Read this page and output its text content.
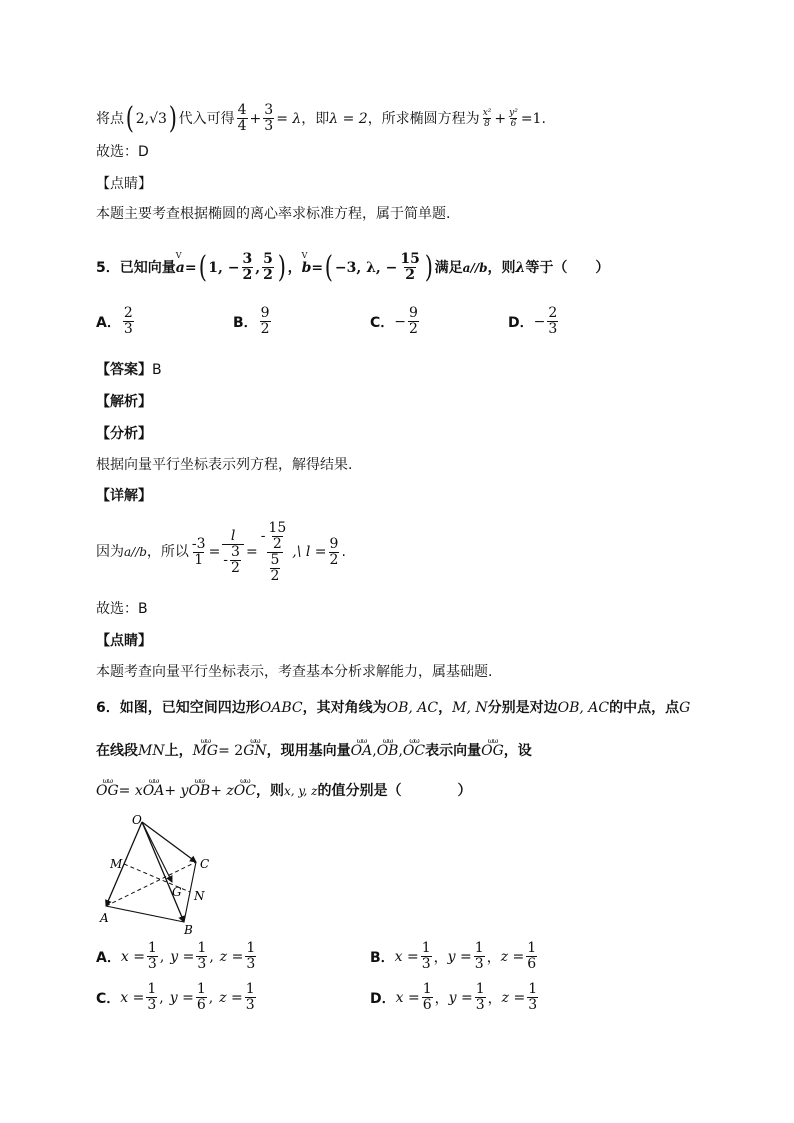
将点 ( 2, √3 ) 代入可得 $\frac{4}{4} + \frac{3}{3} = \lambda$ ，即 λ = 2 ，所求椭圆方程为 $\frac{\text{x²}}{8} + \frac{\text{y²}}{6} =1$.
故选：D
【点睛】
本题主要考查根据椭圆的离心率求标准方程，属于简单题.
5．已知向量 V a = ( 1, − $\frac{3}{2}$ , $\frac{5}{2}$ ) ， V b = ( −3, λ, − $\frac{15}{2}$ ) 满足 a//b ，则 λ 等于（　　）
A． $\frac{2}{3}$	B． $\frac{9}{2}$	C． − $\frac{9}{2}$	D． − $\frac{2}{3}$
【答案】 B
【解析】
【分析】
根据向量平行坐标表示列方程，解得结果.
【详解】
因为 a//b ，所以 $\frac{-3}{1} = \frac{l}{- \frac{3}{2}} = \frac{- \frac{15}{2}}{\frac{5}{2}}$ ,\ $l = \frac{9}{2}$ .
故选：B
【点睛】
本题考查向量平行坐标表示，考查基本分析求解能力，属基础题.
6．如图，已知空间四边形 OABC ，其对角线为 OB, AC ， M, N 分别是对边 OB, AC 的中点，点 G
在线段 MN 上， ωω MG = 2 ωω GN ，现用基向量 ωω OA , ωω OB , ωω OC 表示向量 ωω OG ，设
ωω OG = x ωω OA + y ωω OB + z ωω OC ，则 x, y, z 的值分别是（　　　　）
O
M	C
G N
A
B
A． $x = \frac{1}{3}$ , $y = \frac{1}{3}$ , $z = \frac{1}{3}$	B． $x = \frac{1}{3}$ ， $y = \frac{1}{3}$ ， $z = \frac{1}{6}$
C． $x = \frac{1}{3}$ , $y = \frac{1}{6}$ , $z = \frac{1}{3}$	D． $x = \frac{1}{6}$ ， $y = \frac{1}{3}$ ， $z = \frac{1}{3}$
